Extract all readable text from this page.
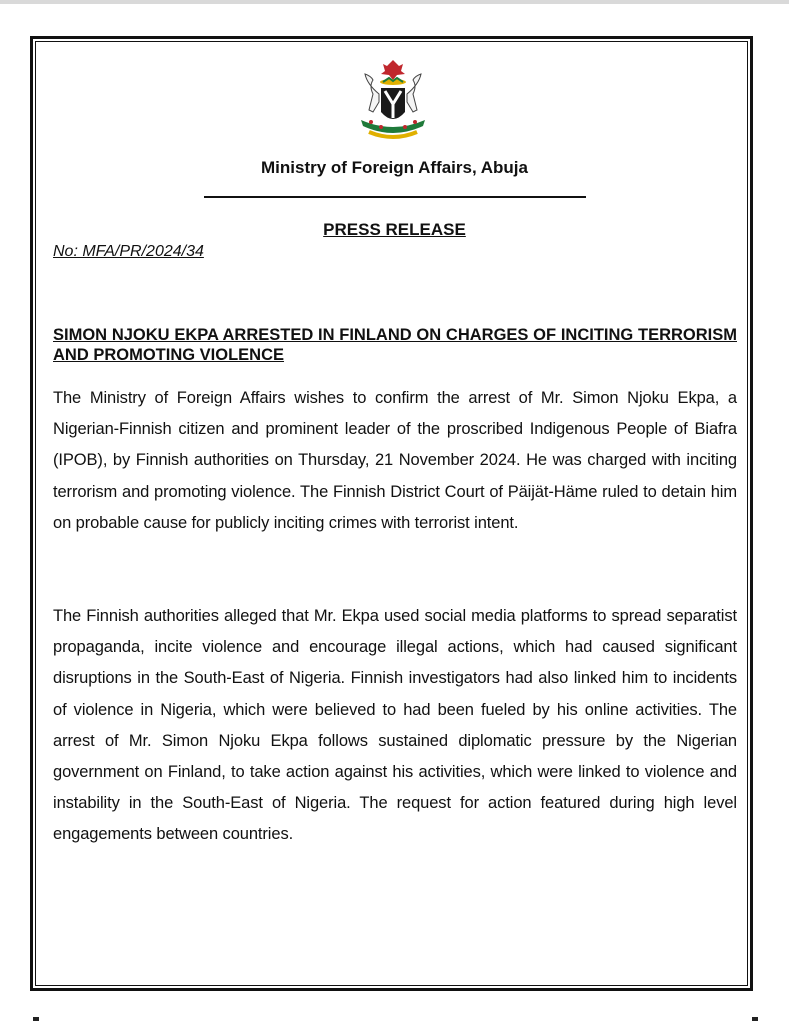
Ministry of Foreign Affairs, Abuja
PRESS RELEASE
No: MFA/PR/2024/34
SIMON NJOKU EKPA ARRESTED IN FINLAND ON CHARGES OF INCITING TERRORISM AND PROMOTING VIOLENCE
The Ministry of Foreign Affairs wishes to confirm the arrest of Mr. Simon Njoku Ekpa, a Nigerian-Finnish citizen and prominent leader of the proscribed Indigenous People of Biafra (IPOB), by Finnish authorities on Thursday, 21 November 2024. He was charged with inciting terrorism and promoting violence. The Finnish District Court of Päijät-Häme ruled to detain him on probable cause for publicly inciting crimes with terrorist intent.
The Finnish authorities alleged that Mr. Ekpa used social media platforms to spread separatist propaganda, incite violence and encourage illegal actions, which had caused significant disruptions in the South-East of Nigeria. Finnish investigators had also linked him to incidents of violence in Nigeria, which were believed to had been fueled by his online activities. The arrest of Mr. Simon Njoku Ekpa follows sustained diplomatic pressure by the Nigerian government on Finland, to take action against his activities, which were linked to violence and instability in the South-East of Nigeria. The request for action featured during high level engagements between countries.
